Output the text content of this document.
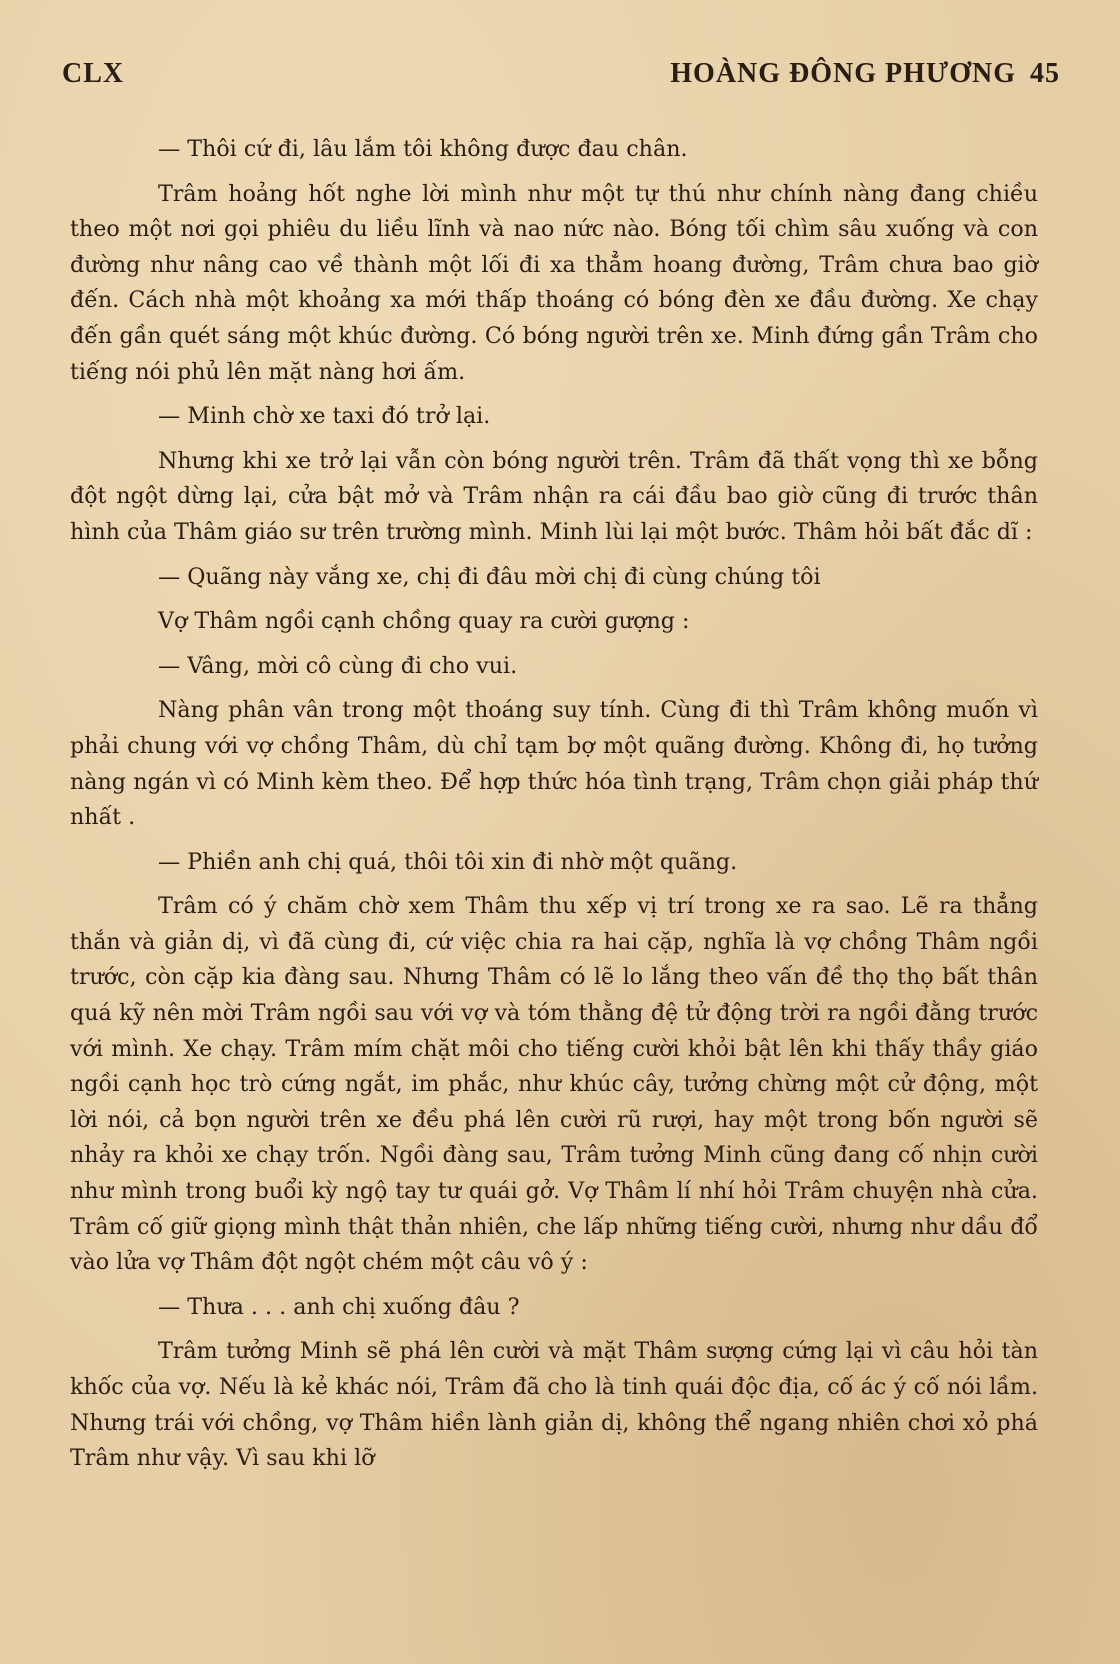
CLX	HOÀNG ĐÔNG PHƯƠNG 45

— Thôi cứ đi, lâu lắm tôi không được đau chân.

Trâm hoảng hốt nghe lời mình như một tự thú như chính nàng đang chiều theo một nơi gọi phiêu du liều lĩnh và nao nức nào. Bóng tối chìm sâu xuống và con đường như nâng cao về thành một lối đi xa thẳm hoang đường, Trâm chưa bao giờ đến. Cách nhà một khoảng xa mới thấp thoáng có bóng đèn xe đầu đường. Xe chạy đến gần quét sáng một khúc đường. Có bóng người trên xe. Minh đứng gần Trâm cho tiếng nói phủ lên mặt nàng hơi ấm.

— Minh chờ xe taxi đó trở lại.

Nhưng khi xe trở lại vẫn còn bóng người trên. Trâm đã thất vọng thì xe bỗng đột ngột dừng lại, cửa bật mở và Trâm nhận ra cái đầu bao giờ cũng đi trước thân hình của Thâm giáo sư trên trường mình. Minh lùi lại một bước. Thâm hỏi bất đắc dĩ :

— Quãng này vắng xe, chị đi đâu mời chị đi cùng chúng tôi

Vợ Thâm ngồi cạnh chồng quay ra cười gượng :

— Vâng, mời cô cùng đi cho vui.

Nàng phân vân trong một thoáng suy tính. Cùng đi thì Trâm không muốn vì phải chung với vợ chồng Thâm, dù chỉ tạm bợ một quãng đường. Không đi, họ tưởng nàng ngán vì có Minh kèm theo. Để hợp thức hóa tình trạng, Trâm chọn giải pháp thứ nhất .

— Phiền anh chị quá, thôi tôi xin đi nhờ một quãng.

Trâm có ý chăm chờ xem Thâm thu xếp vị trí trong xe ra sao. Lẽ ra thẳng thắn và giản dị, vì đã cùng đi, cứ việc chia ra hai cặp, nghĩa là vợ chồng Thâm ngồi trước, còn cặp kia đàng sau. Nhưng Thâm có lẽ lo lắng theo vấn đề thọ thọ bất thân quá kỹ nên mời Trâm ngồi sau với vợ và tóm thằng đệ tử động trời ra ngồi đằng trước với mình. Xe chạy. Trâm mím chặt môi cho tiếng cười khỏi bật lên khi thấy thầy giáo ngồi cạnh học trò cứng ngắt, im phắc, như khúc cây, tưởng chừng một cử động, một lời nói, cả bọn người trên xe đều phá lên cười rũ rượi, hay một trong bốn người sẽ nhảy ra khỏi xe chạy trốn. Ngồi đàng sau, Trâm tưởng Minh cũng đang cố nhịn cười như mình trong buổi kỳ ngộ tay tư quái gở. Vợ Thâm lí nhí hỏi Trâm chuyện nhà cửa. Trâm cố giữ giọng mình thật thản nhiên, che lấp những tiếng cười, nhưng như dầu đổ vào lửa vợ Thâm đột ngột chém một câu vô ý :

— Thưa . . . anh chị xuống đâu ?

Trâm tưởng Minh sẽ phá lên cười và mặt Thâm sượng cứng lại vì câu hỏi tàn khốc của vợ. Nếu là kẻ khác nói, Trâm đã cho là tinh quái độc địa, cố ác ý cố nói lầm. Nhưng trái với chồng, vợ Thâm hiền lành giản dị, không thể ngang nhiên chơi xỏ phá Trâm như vậy. Vì sau khi lỡ
